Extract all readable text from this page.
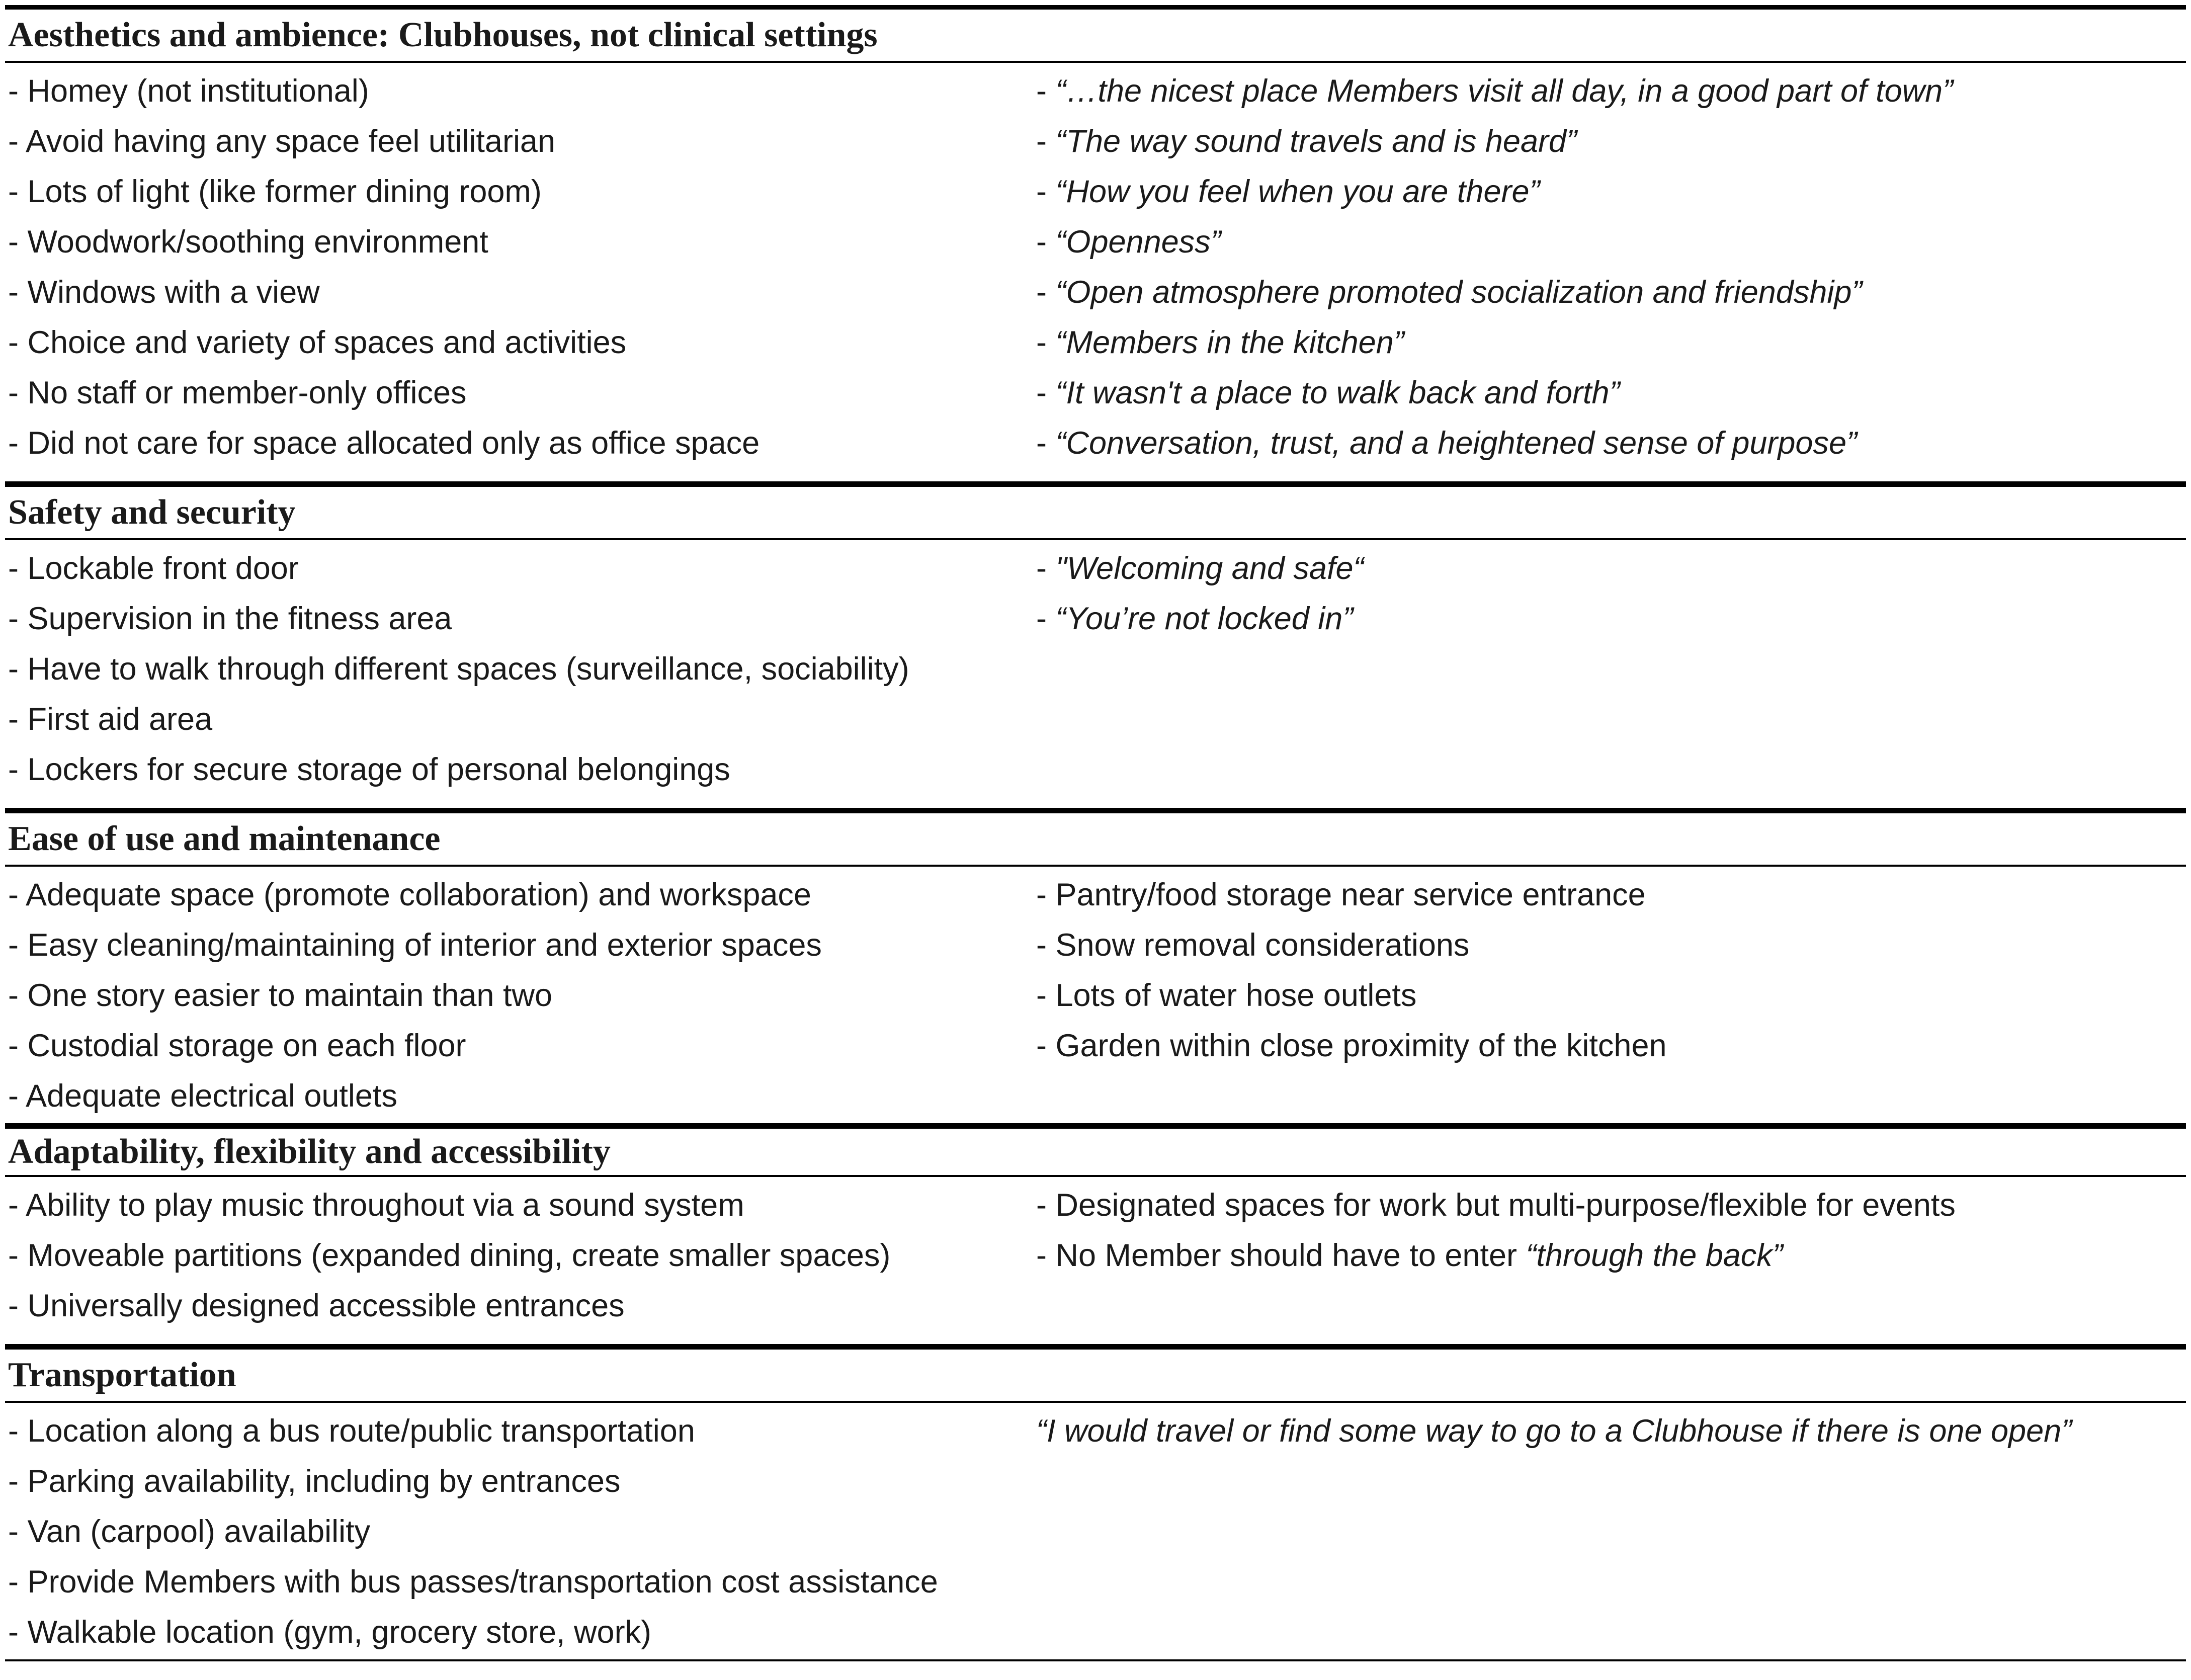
Aesthetics and ambience: Clubhouses, not clinical settings
- Homey (not institutional)
- Avoid having any space feel utilitarian
- Lots of light (like former dining room)
- Woodwork/soothing environment
- Windows with a view
- Choice and variety of spaces and activities
- No staff or member-only offices
- Did not care for space allocated only as office space
- “…the nicest place Members visit all day, in a good part of town”
- “The way sound travels and is heard”
- “How you feel when you are there”
- “Openness”
- “Open atmosphere promoted socialization and friendship”
- “Members in the kitchen”
- “It wasn't a place to walk back and forth”
- “Conversation, trust, and a heightened sense of purpose”
Safety and security
- Lockable front door
- Supervision in the fitness area
- Have to walk through different spaces (surveillance, sociability)
- First aid area
- Lockers for secure storage of personal belongings
- "Welcoming and safe“
- “You’re not locked in”
Ease of use and maintenance
- Adequate space (promote collaboration) and workspace
- Easy cleaning/maintaining of interior and exterior spaces
- One story easier to maintain than two
- Custodial storage on each floor
- Adequate electrical outlets
- Pantry/food storage near service entrance
- Snow removal considerations
- Lots of water hose outlets
- Garden within close proximity of the kitchen
Adaptability, flexibility and accessibility
- Ability to play music throughout via a sound system
- Moveable partitions (expanded dining, create smaller spaces)
- Universally designed accessible entrances
- Designated spaces for work but multi-purpose/flexible for events
- No Member should have to enter “through the back”
Transportation
- Location along a bus route/public transportation
- Parking availability, including by entrances
- Van (carpool) availability
- Provide Members with bus passes/transportation cost assistance
- Walkable location (gym, grocery store, work)
“I would travel or find some way to go to a Clubhouse if there is one open”
